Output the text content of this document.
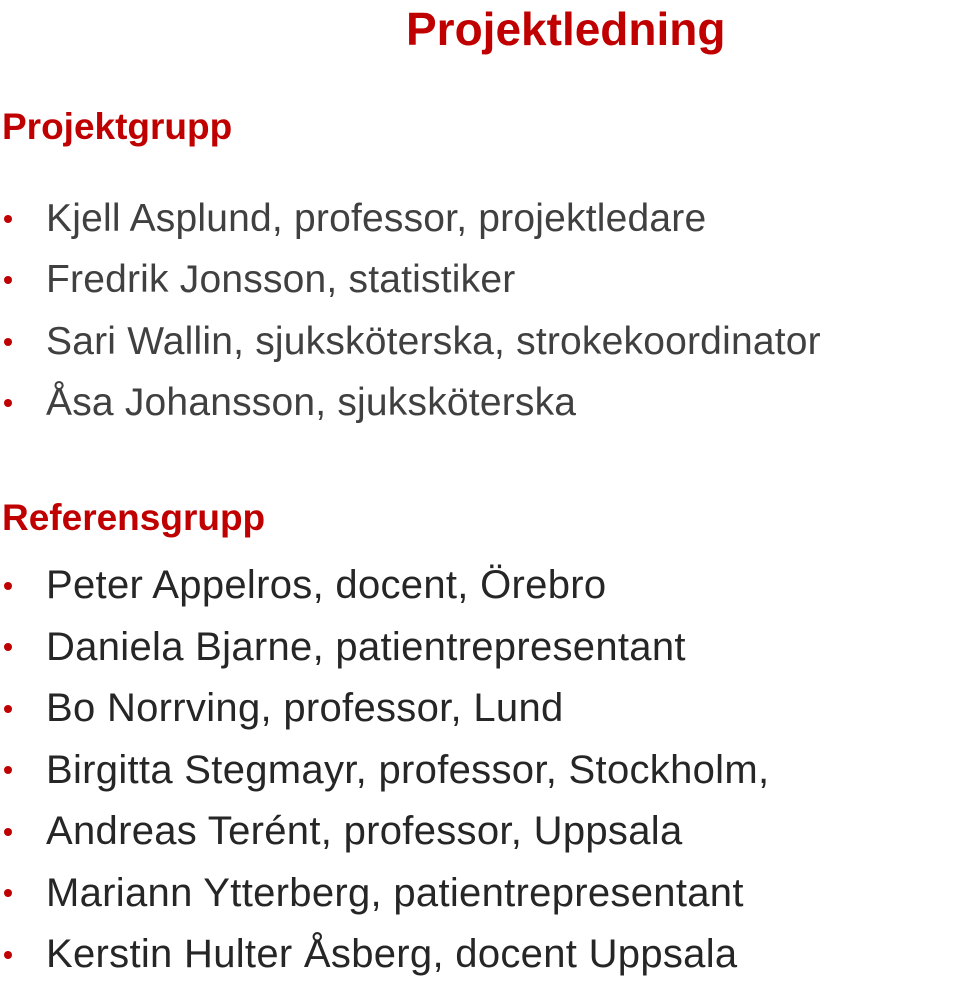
Projektledning
Projektgrupp
Kjell Asplund, professor, projektledare
Fredrik Jonsson, statistiker
Sari Wallin, sjuksköterska, strokekoordinator
Åsa Johansson, sjuksköterska
Referensgrupp
Peter Appelros, docent, Örebro
Daniela Bjarne, patientrepresentant
Bo Norrving, professor, Lund
Birgitta Stegmayr, professor, Stockholm,
Andreas Terént, professor, Uppsala
Mariann Ytterberg, patientrepresentant
Kerstin Hulter Åsberg, docent Uppsala
